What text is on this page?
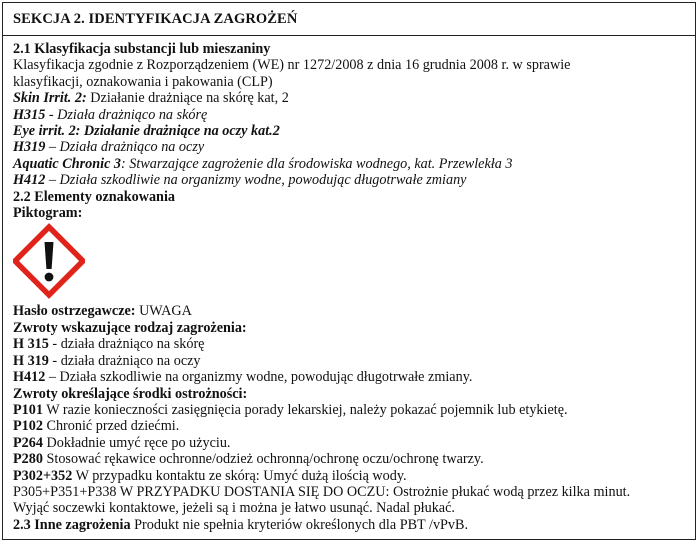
SEKCJA 2. IDENTYFIKACJA ZAGROŻEŃ
2.1 Klasyfikacja substancji lub mieszaniny
Klasyfikacja zgodnie z Rozporządzeniem (WE) nr 1272/2008 z dnia 16 grudnia 2008 r. w sprawie
klasyfikacji, oznakowania i pakowania (CLP)
Skin Irrit. 2: Działanie drażniące na skórę kat, 2
H315 - Działa drażniąco na skórę
Eye irrit. 2: Działanie drażniące na oczy kat.2
H319 – Działa drażniąco na oczy
Aquatic Chronic 3: Stwarzające zagrożenie dla środowiska wodnego, kat. Przewlekła 3
H412 – Działa szkodliwie na organizmy wodne, powodując długotrwałe zmiany
2.2 Elementy oznakowania
Piktogram:
Hasło ostrzegawcze: UWAGA
Zwroty wskazujące rodzaj zagrożenia:
H 315 - działa drażniąco na skórę
H 319 - działa drażniąco na oczy
H412 – Działa szkodliwie na organizmy wodne, powodując długotrwałe zmiany.
Zwroty określające środki ostrożności:
P101 W razie konieczności zasięgnięcia porady lekarskiej, należy pokazać pojemnik lub etykietę.
P102 Chronić przed dziećmi.
P264 Dokładnie umyć ręce po użyciu.
P280 Stosować rękawice ochronne/odzież ochronną/ochronę oczu/ochronę twarzy.
P302+352 W przypadku kontaktu ze skórą: Umyć dużą ilością wody.
P305+P351+P338 W PRZYPADKU DOSTANIA SIĘ DO OCZU: Ostrożnie płukać wodą przez kilka minut.
Wyjąć soczewki kontaktowe, jeżeli są i można je łatwo usunąć. Nadal płukać.
2.3 Inne zagrożenia Produkt nie spełnia kryteriów określonych dla PBT /vPvB.
